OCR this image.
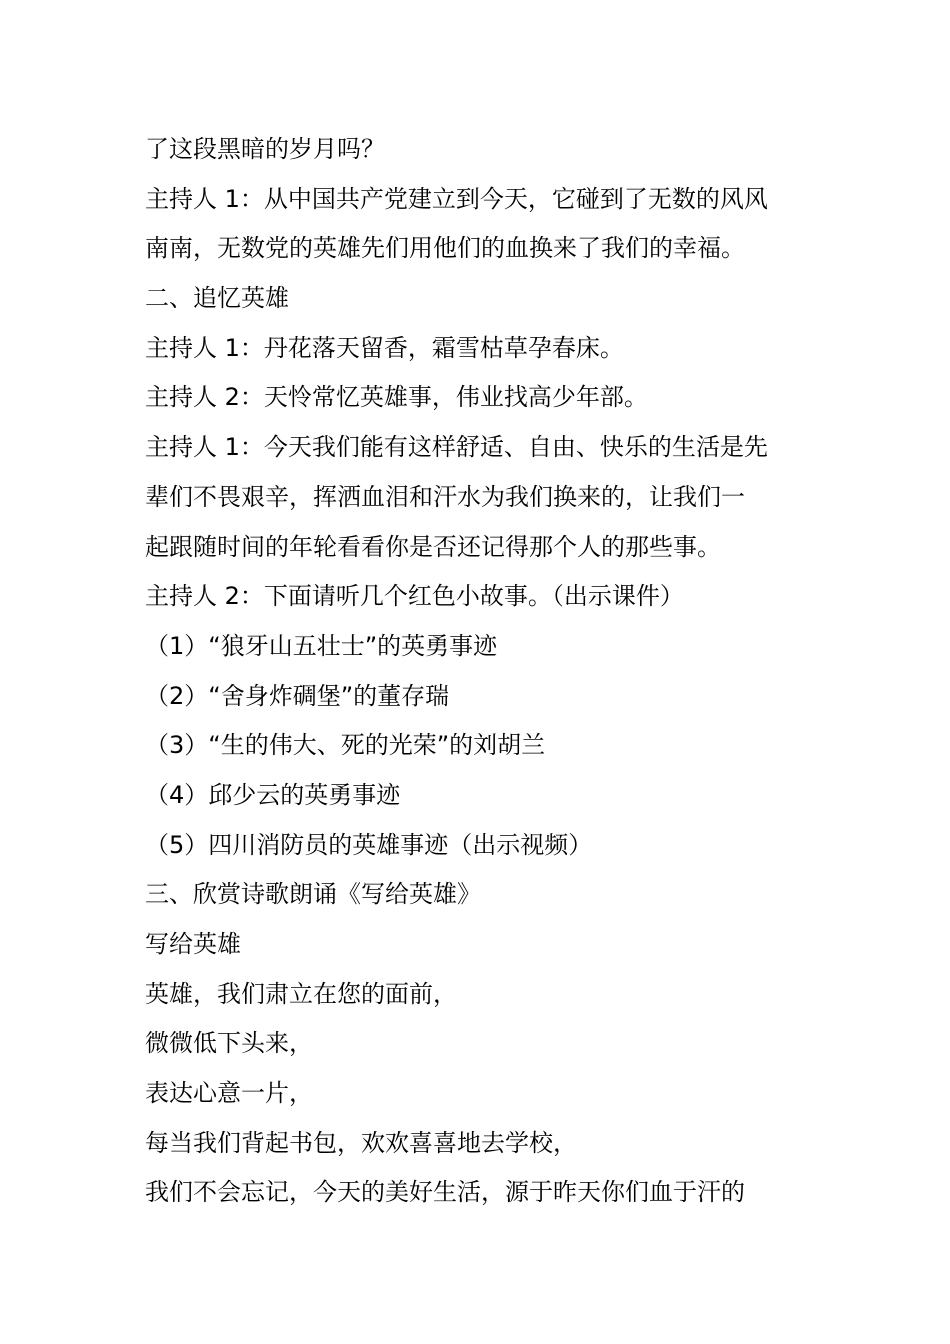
了这段黑暗的岁月吗？
主持人 1：从中国共产党建立到今天，它碰到了无数的风风
南南，无数党的英雄先们用他们的血换来了我们的幸福。
二、追忆英雄
主持人 1：丹花落天留香，霜雪枯草孕春床。
主持人 2：天怜常忆英雄事，伟业找高少年部。
主持人 1：今天我们能有这样舒适、自由、快乐的生活是先
辈们不畏艰辛，挥洒血泪和汗水为我们换来的，让我们一
起跟随时间的年轮看看你是否还记得那个人的那些事。
主持人 2：下面请听几个红色小故事。（出示课件）
（1）“狼牙山五壮士”的英勇事迹
（2）“舍身炸碉堡”的董存瑞
（3）“生的伟大、死的光荣”的刘胡兰
（4）邱少云的英勇事迹
（5）四川消防员的英雄事迹（出示视频）
三、欣赏诗歌朗诵《写给英雄》
写给英雄
英雄，我们肃立在您的面前，
微微低下头来，
表达心意一片，
每当我们背起书包，欢欢喜喜地去学校，
我们不会忘记，今天的美好生活，源于昨天你们血于汗的
